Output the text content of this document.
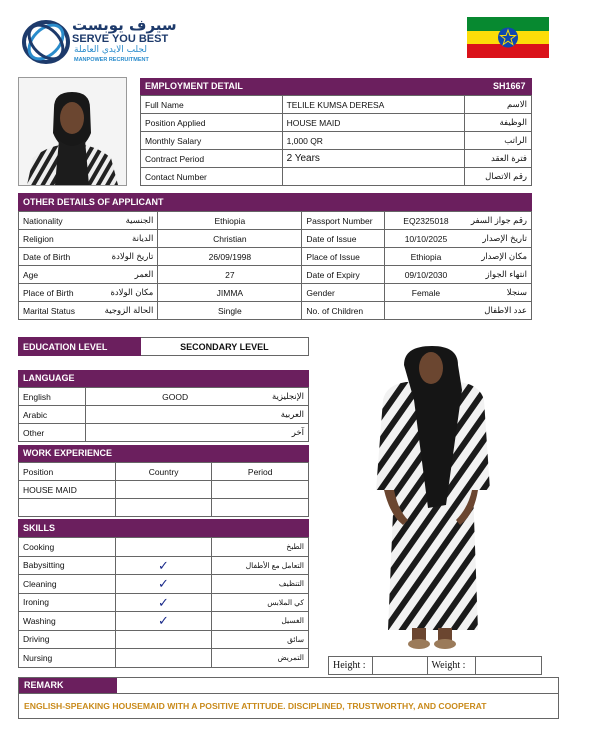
سيرف يوبست
SERVE YOU BEST
لجلب الايدي العاملة
MANPOWER RECRUITMENT
EMPLOYMENT DETAIL	SH1667
Full Name	TELILE KUMSA DERESA	الاسم
Position Applied	HOUSE MAID	الوظيفة
Monthly Salary	1,000 QR	الراتب
Contract Period	2 Years	فترة العقد
Contact Number		رقم الاتصال
OTHER DETAILS OF APPLICANT
Nationality	الجنسية	Ethiopia	Passport Number	EQ2325018	رقم جواز السفر
Religion	الديانة	Christian	Date of Issue	10/10/2025	تاريخ الإصدار
Date of Birth	تاريخ الولادة	26/09/1998	Place of Issue	Ethiopia	مكان الإصدار
Age	العمر	27	Date of Expiry	09/10/2030	انتهاء الجواز
Place of Birth	مكان الولادة	JIMMA	Gender	Female	سنجلا
Marital Status	الحالة الزوجية	Single	No. of Children		عدد الاطفال
EDUCATION LEVEL	SECONDARY LEVEL
LANGUAGE
English	GOOD	الإنجليزية
Arabic		العربية
Other		آخر
WORK EXPERIENCE
Position	Country	Period
HOUSE MAID		

SKILLS
Cooking		الطبخ
Babysitting	✓	التعامل مع الأطفال
Cleaning	✓	التنظيف
Ironing	✓	كي الملابس
Washing	✓	الغسيل
Driving		سائق
Nursing		التمريض
Height :		Weight :	
REMARK
ENGLISH-SPEAKING HOUSEMAID WITH A POSITIVE ATTITUDE. DISCIPLINED, TRUSTWORTHY, AND COOPERAT
